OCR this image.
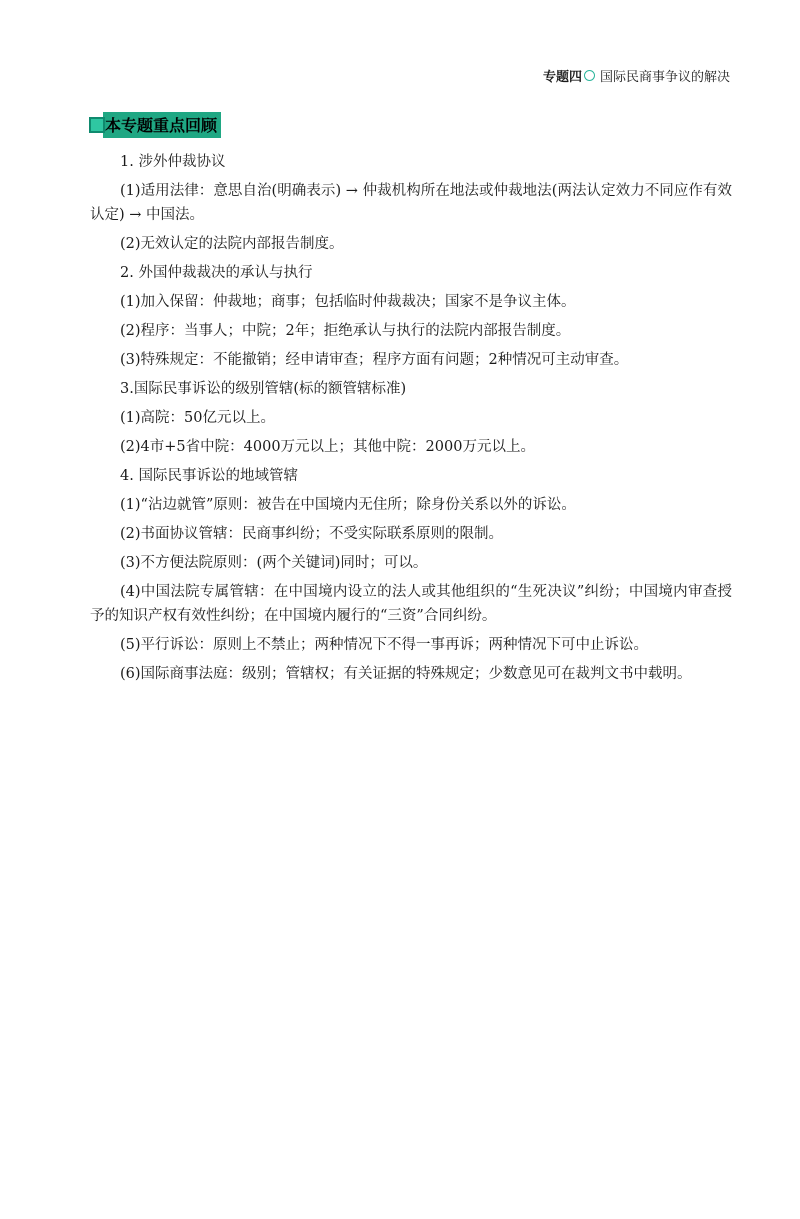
专题四 国际民商事争议的解决
本专题重点回顾

1. 涉外仲裁协议

(1)适用法律：意思自治(明确表示) → 仲裁机构所在地法或仲裁地法(两法认定效力不同应作有效认定) → 中国法。

(2)无效认定的法院内部报告制度。

2. 外国仲裁裁决的承认与执行

(1)加入保留：仲裁地；商事；包括临时仲裁裁决；国家不是争议主体。

(2)程序：当事人；中院；2年；拒绝承认与执行的法院内部报告制度。

(3)特殊规定：不能撤销；经申请审查；程序方面有问题；2种情况可主动审查。

3.国际民事诉讼的级别管辖(标的额管辖标准)

(1)高院：50亿元以上。

(2)4市+5省中院：4000万元以上；其他中院：2000万元以上。

4. 国际民事诉讼的地域管辖

(1)“沾边就管”原则：被告在中国境内无住所；除身份关系以外的诉讼。

(2)书面协议管辖：民商事纠纷；不受实际联系原则的限制。

(3)不方便法院原则：(两个关键词)同时；可以。

(4)中国法院专属管辖：在中国境内设立的法人或其他组织的“生死决议”纠纷；中国境内审查授予的知识产权有效性纠纷；在中国境内履行的“三资”合同纠纷。

(5)平行诉讼：原则上不禁止；两种情况下不得一事再诉；两种情况下可中止诉讼。

(6)国际商事法庭：级别；管辖权；有关证据的特殊规定；少数意见可在裁判文书中载明。
